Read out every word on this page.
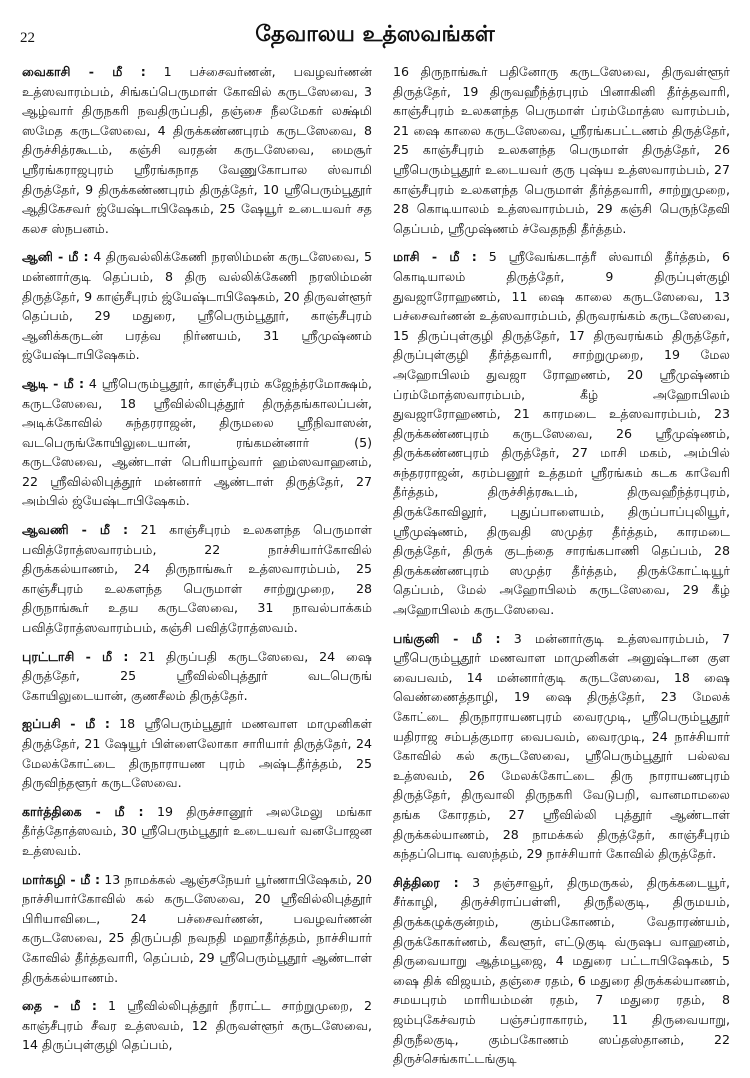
22	தேவாலய உத்ஸவங்கள்

வைகாசி - மீ : 1 பச்சைவர்ணன், பவழவர்ணன் உத்ஸவாரம்பம், சிங்கப்பெருமாள் கோவில் கருடஸேவை, 3 ஆழ்வார் திருநகரி நவதிருப்பதி, தஞ்சை நீலமேகர் லக்ஷ்மி ஸமேத கருடஸேவை, 4 திருக்கண்ணபுரம் கருடஸேவை, 8 திருச்சித்ரகூடம், கஞ்சி வரதன் கருடஸேவை, மைசூர் ஸ்ரீரங்கராஜபுரம் ஸ்ரீரங்கநாத வேணுகோபால ஸ்வாமி திருத்தேர், 9 திருக்கண்ணபுரம் திருத்தேர், 10 ஸ்ரீபெரும்பூதூர் ஆதிகேசவர் ஜ்யேஷ்டாபிஷேகம், 25 ஷேயூர் உடையவர் சத கலச ஸ்நபனம்.

ஆனி - மீ : 4 திருவல்லிக்கேணி நரஸிம்மன் கருடஸேவை, 5 மன்னார்குடி தெப்பம், 8 திரு வல்லிக்கேணி நரஸிம்மன் திருத்தேர், 9 காஞ்சீபுரம் ஜ்யேஷ்டாபிஷேகம், 20 திருவள்ளூர் தெப்பம், 29 மதுரை, ஸ்ரீபெரும்பூதூர், காஞ்சீபுரம் ஆனிக்கருடன் பரத்வ நிர்ணயம், 31 ஸ்ரீமுஷ்ணம் ஜ்யேஷ்டாபிஷேகம்.

ஆடி - மீ : 4 ஸ்ரீபெரும்பூதூர், காஞ்சீபுரம் கஜேந்த்ரமோக்ஷம், கருடஸேவை, 18 ஸ்ரீவில்லிபுத்தூர் திருத்தங்காலப்பன், அடிக்கோவில் சுந்தரராஜன், திருமலை ஸ்ரீநிவாஸன், வடபெருங்கோயிலுடையான், ரங்கமன்னார் (5) கருடஸேவை, ஆண்டாள் பெரியாழ்வார் ஹம்ஸவாஹனம், 22 ஸ்ரீவில்லிபுத்தூர் மன்னார் ஆண்டாள் திருத்தேர், 27 அம்பில் ஜ்யேஷ்டாபிஷேகம்.

ஆவணி - மீ : 21 காஞ்சீபுரம் உலகளந்த பெருமாள் பவித்ரோத்ஸவாரம்பம், 22 நாச்சியார்கோவில் திருக்கல்யாணம், 24 திருநாங்கூர் உத்ஸவாரம்பம், 25 காஞ்சீபுரம் உலகளந்த பெருமாள் சாற்றுமுறை, 28 திருநாங்கூர் உதய கருடஸேவை, 31 நாவல்பாக்கம் பவித்ரோத்ஸவாரம்பம், கஞ்சி பவித்ரோத்ஸவம்.

புரட்டாசி - மீ : 21 திருப்பதி கருடஸேவை, 24 ஷை திருத்தேர், 25 ஸ்ரீவில்லிபுத்தூர் வடபெருங் கோயிலுடையான், குணசீலம் திருத்தேர்.

ஐப்பசி - மீ : 18 ஸ்ரீபெரும்பூதூர் மணவாள மாமுனிகள் திருத்தேர், 21 ஷேயூர் பிள்ளைலோகா சாரியார் திருத்தேர், 24 மேலக்கோட்டை திருநாராயண புரம் அஷ்டதீர்த்தம், 25 திருவிந்தளூர் கருடஸேவை.

கார்த்திகை - மீ : 19 திருச்சானூர் அலமேலு மங்கா தீர்த்தோத்ஸவம், 30 ஸ்ரீபெரும்பூதூர் உடையவர் வனபோஜன உத்ஸவம்.

மார்கழி - மீ : 13 நாமக்கல் ஆஞ்சநேயர் பூர்ணாபிஷேகம், 20 நாச்சியார்கோவில் கல் கருடஸேவை, 20 ஸ்ரீவில்லிபுத்தூர் பிரியாவிடை, 24 பச்சைவர்ணன், பவழவர்ணன் கருடஸேவை, 25 திருப்பதி நவநதி மஹாதீர்த்தம், நாச்சியார் கோவில் தீர்த்தவாரி, தெப்பம், 29 ஸ்ரீபெரும்பூதூர் ஆண்டாள் திருக்கல்யாணம்.

தை - மீ : 1 ஸ்ரீவில்லிபுத்தூர் நீராட்ட சாற்றுமுறை, 2 காஞ்சீபுரம் சீவர உத்ஸவம், 12 திருவள்ளூர் கருடஸேவை, 14 திருப்புள்குழி தெப்பம்,

16 திருநாங்கூர் பதினோரு கருடஸேவை, திருவள்ளூர் திருத்தேர், 19 திருவஹீந்த்ரபுரம் பினாகினி தீர்த்தவாரி, காஞ்சீபுரம் உலகளந்த பெருமாள் ப்ரம்மோத்ஸ வாரம்பம், 21 ஷை காலை கருடஸேவை, ஸ்ரீரங்கபட்டணம் திருத்தேர், 25 காஞ்சீபுரம் உலகளந்த பெருமாள் திருத்தேர், 26 ஸ்ரீபெரும்பூதூர் உடையவர் குரு புஷ்ய உத்ஸவாரம்பம், 27 காஞ்சீபுரம் உலகளந்த பெருமாள் தீர்த்தவாரி, சாற்றுமுறை, 28 கொடியாலம் உத்ஸவாரம்பம், 29 கஞ்சி பெருந்தேவி தெப்பம், ஸ்ரீமுஷ்ணம் ச்வேதநதி தீர்த்தம்.

மாசி - மீ : 5 ஸ்ரீவேங்கடாத்ரீ ஸ்வாமி தீர்த்தம், 6 கொடியாலம் திருத்தேர், 9 திருப்புள்குழி துவஜாரோஹணம், 11 ஷை காலை கருடஸேவை, 13 பச்சைவர்ணன் உத்ஸவாரம்பம், திருவரங்கம் கருடஸேவை, 15 திருப்புள்குழி திருத்தேர், 17 திருவரங்கம் திருத்தேர், திருப்புள்குழி தீர்த்தவாரி, சாற்றுமுறை, 19 மேல அஹோபிலம் துவஜா ரோஹணம், 20 ஸ்ரீமுஷ்ணம் ப்ரம்மோத்ஸவாரம்பம், கீழ் அஹோபிலம் துவஜாரோஹணம், 21 காரமடை உத்ஸவாரம்பம், 23 திருக்கண்ணபுரம் கருடஸேவை, 26 ஸ்ரீமுஷ்ணம், திருக்கண்ணபுரம் திருத்தேர், 27 மாசி மகம், அம்பில் சுந்தரராஜன், கரம்பனூர் உத்தமர் ஸ்ரீரங்கம் கடக காவேரி தீர்த்தம், திருச்சித்ரகூடம், திருவஹீந்த்ரபுரம், திருக்கோவிலூர், புதுப்பாளையம், திருப்பாப்புலியூர், ஸ்ரீமுஷ்ணம், திருவதி ஸமுத்ர தீர்த்தம், காரமடை திருத்தேர், திருக் குடந்தை சாரங்கபாணி தெப்பம், 28 திருக்கண்ணபுரம் ஸமுத்ர தீர்த்தம், திருக்கோட்டியூர் தெப்பம், மேல் அஹோபிலம் கருடஸேவை, 29 கீழ் அஹோபிலம் கருடஸேவை.

பங்குனி - மீ : 3 மன்னார்குடி உத்ஸவாரம்பம், 7 ஸ்ரீபெரும்பூதூர் மணவாள மாமுனிகள் அனுஷ்டான குள வைபவம், 14 மன்னார்குடி கருடஸேவை, 18 ஷை வெண்ணைத்தாழி, 19 ஷை திருத்தேர், 23 மேலக் கோட்டை திருநாராயணபுரம் வைரமுடி, ஸ்ரீபெரும்பூதூர் யதிராஜ சம்பத்குமார வைபவம், வைரமுடி, 24 நாச்சியார் கோவில் கல் கருடஸேவை, ஸ்ரீபெரும்பூதூர் பல்லவ உத்ஸவம், 26 மேலக்கோட்டை திரு நாராயணபுரம் திருத்தேர், திருவாலி திருநகரி வேடுபறி, வானமாமலை தங்க கோரதம், 27 ஸ்ரீவில்லி புத்தூர் ஆண்டாள் திருக்கல்யாணம், 28 நாமக்கல் திருத்தேர், காஞ்சீபுரம் கந்தப்பொடி வஸந்தம், 29 நாச்சியார் கோவில் திருத்தேர்.

சித்திரை : 3 தஞ்சாவூர், திருமருகல், திருக்கடையூர், சீர்காழி, திருச்சிராப்பள்ளி, திருநீலகுடி, திருமயம், திருக்கழுக்குன்றம், கும்பகோணம், வேதாரண்யம், திருக்கோகர்ணம், கீவளூர், எட்டுகுடி வ்ருஷப வாஹனம், திருவையாறு ஆத்மபூஜை, 4 மதுரை பட்டாபிஷேகம், 5 ஷை திக் விஜயம், தஞ்சை ரதம், 6 மதுரை திருக்கல்யாணம், சமயபுரம் மாரியம்மன் ரதம், 7 மதுரை ரதம், 8 ஜம்புகேச்வரம் பஞ்சப்ராகாரம், 11 திருவையாறு, திருநீலகுடி, கும்பகோணம் ஸப்தஸ்தானம், 22 திருச்செங்காட்டங்குடி
